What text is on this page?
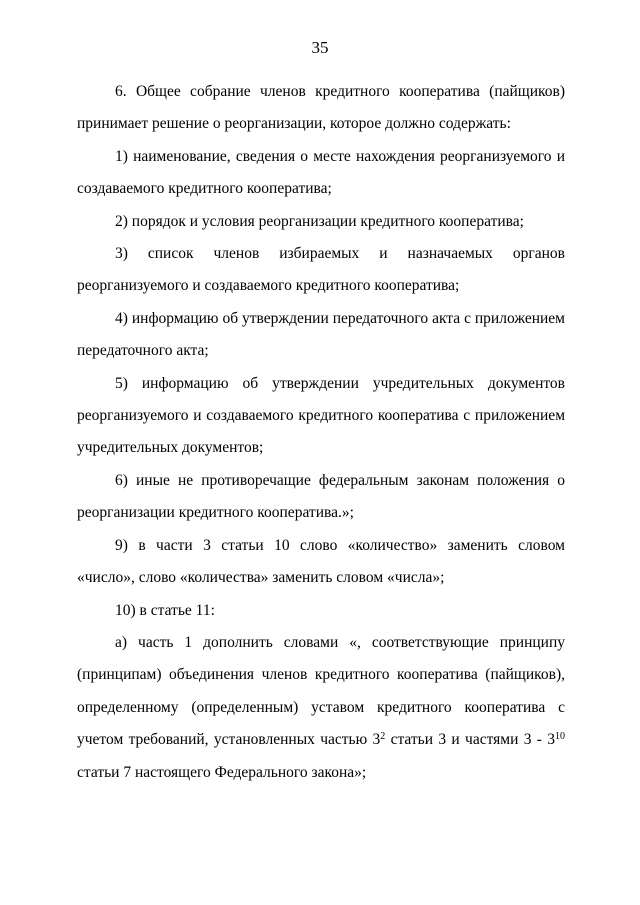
35

6. Общее собрание членов кредитного кооператива (пайщиков) принимает решение о реорганизации, которое должно содержать:

1) наименование, сведения о месте нахождения реорганизуемого и создаваемого кредитного кооператива;

2) порядок и условия реорганизации кредитного кооператива;

3) список членов избираемых и назначаемых органов реорганизуемого и создаваемого кредитного кооператива;

4) информацию об утверждении передаточного акта с приложением передаточного акта;

5) информацию об утверждении учредительных документов реорганизуемого и создаваемого кредитного кооператива с приложением учредительных документов;

6) иные не противоречащие федеральным законам положения о реорганизации кредитного кооператива.»;

9) в части 3 статьи 10 слово «количество» заменить словом «число», слово «количества» заменить словом «числа»;

10) в статье 11:

а) часть 1 дополнить словами «, соответствующие принципу (принципам) объединения членов кредитного кооператива (пайщиков), определенному (определенным) уставом кредитного кооператива с учетом требований, установленных частью $3^2$ статьи 3 и частями $3 - 3^{10}$ статьи 7 настоящего Федерального закона»;
